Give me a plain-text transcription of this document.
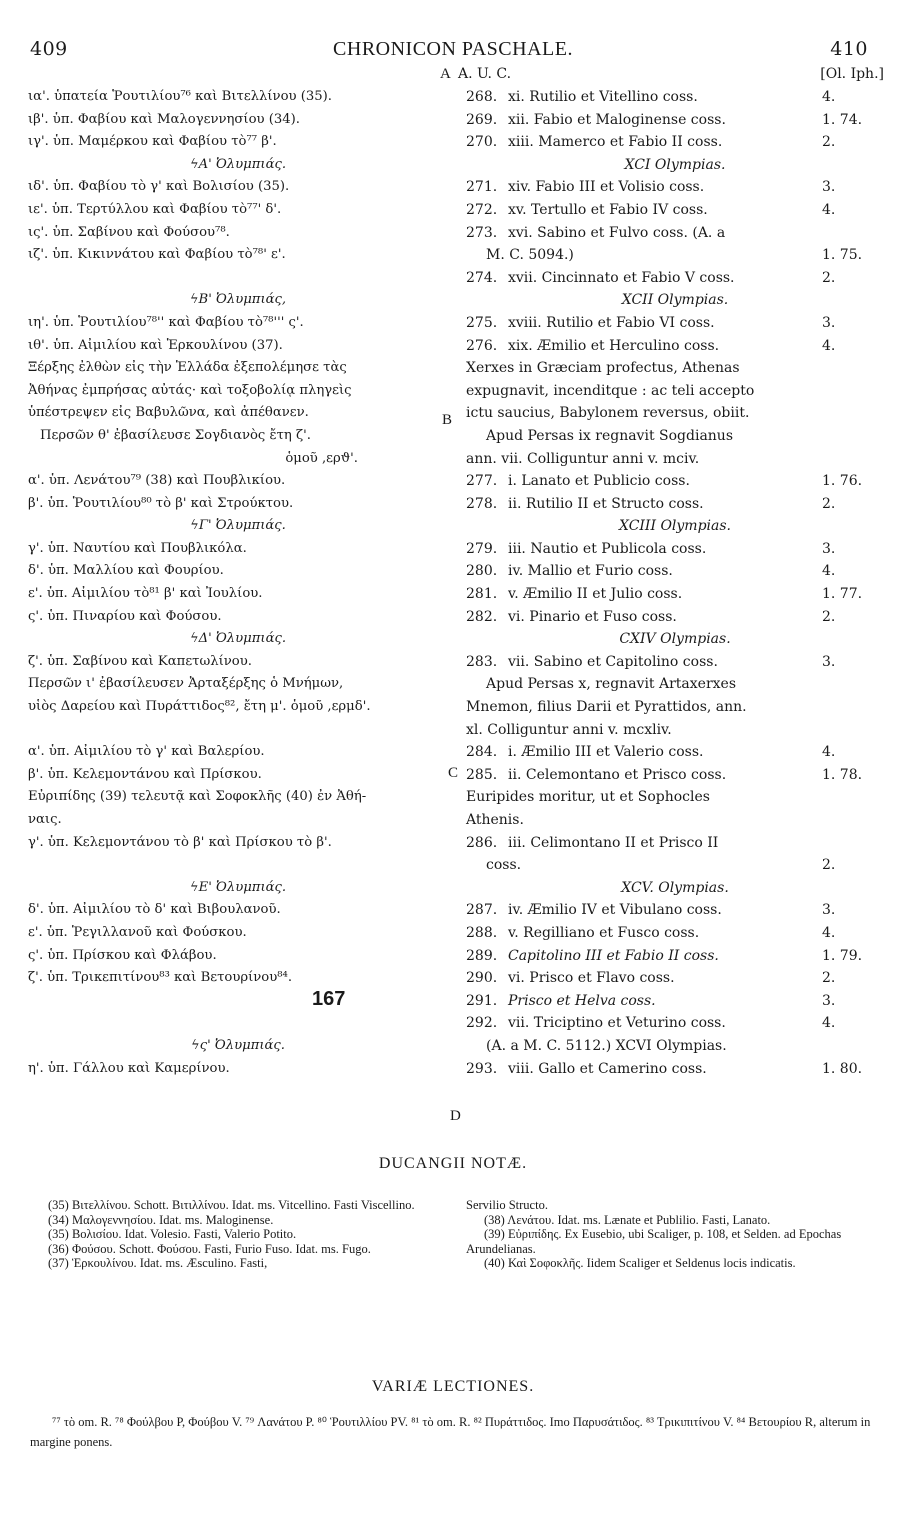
409	CHRONICON PASCHALE.	410
A
B
C
D
167
ια'. ὑπατεία Ῥουτιλίου⁷⁶ καὶ Βιτελλίνου (35).
ιβ'. ὑπ. Φαβίου καὶ Μαλογεννησίου (34).
ιγ'. ὑπ. Μαμέρκου καὶ Φαβίου τὸ⁷⁷ β'.
ϟΑ' Ὀλυμπιάς.
ιδ'. ὑπ. Φαβίου τὸ γ' καὶ Βολισίου (35).
ιε'. ὑπ. Τερτύλλου καὶ Φαβίου τὸ⁷⁷' δ'.
ις'. ὑπ. Σαβίνου καὶ Φούσου⁷⁸.
ιζ'. ὑπ. Κικιννάτου καὶ Φαβίου τὸ⁷⁸' ε'.
ϟΒ' Ὀλυμπιάς,
ιη'. ὑπ. Ῥουτιλίου⁷⁸'' καὶ Φαβίου τὸ⁷⁸''' ς'.
ιθ'. ὑπ. Αἰμιλίου καὶ Ἑρκουλίνου (37).
Ξέρξης ἐλθὼν εἰς τὴν Ἑλλάδα ἐξεπολέμησε τὰς
Ἀθήνας ἐμπρήσας αὐτάς· καὶ τοξοβολίᾳ πληγεὶς
ὑπέστρεψεν εἰς Βαβυλῶνα, καὶ ἀπέθανεν.
Περσῶν θ' ἐβασίλευσε Σογδιανὸς ἔτη ζ'.
ὁμοῦ ,ερϑ'.
α'. ὑπ. Λενάτου⁷⁹ (38) καὶ Πουβλικίου.
β'. ὑπ. Ῥουτιλίου⁸⁰ τὸ β' καὶ Στρούκτου.
ϟΓ' Ὀλυμπιάς.
γ'. ὑπ. Ναυτίου καὶ Πουβλικόλα.
δ'. ὑπ. Μαλλίου καὶ Φουρίου.
ε'. ὑπ. Αἰμιλίου τὸ⁸¹ β' καὶ Ἰουλίου.
ς'. ὑπ. Πιναρίου καὶ Φούσου.
ϟΔ' Ὀλυμπιάς.
ζ'. ὑπ. Σαβίνου καὶ Καπετωλίνου.
Περσῶν ι' ἐβασίλευσεν Ἀρταξέρξης ὁ Μνήμων,
υἱὸς Δαρείου καὶ Πυράττιδος⁸², ἔτη μ'. ὁμοῦ ,ερμδ'.
α'. ὑπ. Αἰμιλίου τὸ γ' καὶ Βαλερίου.
β'. ὑπ. Κελεμοντάνου καὶ Πρίσκου.
Εὐριπίδης (39) τελευτᾷ καὶ Σοφοκλῆς (40) ἐν Ἀθή-
ναις.
γ'. ὑπ. Κελεμοντάνου τὸ β' καὶ Πρίσκου τὸ β'.
ϟΕ' Ὀλυμπιάς.
δ'. ὑπ. Αἰμιλίου τὸ δ' καὶ Βιβουλανοῦ.
ε'. ὑπ. Ῥεγιλλανοῦ καὶ Φούσκου.
ς'. ὑπ. Πρίσκου καὶ Φλάβου.
ζ'. ὑπ. Τρικεπιτίνου⁸³ καὶ Βετουρίνου⁸⁴.
ϟς' Ὀλυμπιάς.
η'. ὑπ. Γάλλου καὶ Καμερίνου.
A. U. C.	[Ol. Iph.]
268. xi. Rutilio et Vitellino coss.	4.
269. xii. Fabio et Maloginense coss.	1. 74.
270. xiii. Mamerco et Fabio II coss.	2.
XCI Olympias.
271. xiv. Fabio III et Volisio coss.	3.
272. xv. Tertullo et Fabio IV coss.	4.
273. xvi. Sabino et Fulvo coss. (A. a
M. C. 5094.)	1. 75.
274. xvii. Cincinnato et Fabio V coss.	2.
XCII Olympias.
275. xviii. Rutilio et Fabio VI coss.	3.
276. xix. Æmilio et Herculino coss.	4.
Xerxes in Græciam profectus, Athenas
expugnavit, incenditque : ac teli accepto
ictu saucius, Babylonem reversus, obiit.
Apud Persas ix regnavit Sogdianus
ann. vii. Colliguntur anni v. mciv.
277. i. Lanato et Publicio coss.	1. 76.
278. ii. Rutilio II et Structo coss.	2.
XCIII Olympias.
279. iii. Nautio et Publicola coss.	3.
280. iv. Mallio et Furio coss.	4.
281. v. Æmilio II et Julio coss.	1. 77.
282. vi. Pinario et Fuso coss.	2.
CXIV Olympias.
283. vii. Sabino et Capitolino coss.	3.
Apud Persas x, regnavit Artaxerxes
Mnemon, filius Darii et Pyrattidos, ann.
xl. Colliguntur anni v. mcxliv.
284. i. Æmilio III et Valerio coss.	4.
285. ii. Celemontano et Prisco coss.	1. 78.
Euripides moritur, ut et Sophocles
Athenis.
286. iii. Celimontano II et Prisco II
coss.	2.
XCV. Olympias.
287. iv. Æmilio IV et Vibulano coss.	3.
288. v. Regilliano et Fusco coss.	4.
289. Capitolino III et Fabio II coss.	1. 79.
290. vi. Prisco et Flavo coss.	2.
291. Prisco et Helva coss.	3.
292. vii. Triciptino et Veturino coss.	4.
(A. a M. C. 5112.) XCVI Olympias.
293. viii. Gallo et Camerino coss.	1. 80.
DUCANGII NOTÆ.

(35) Βιτελλίνου. Schott. Βιτιλλίνου. Idat. ms. Vitcellino. Fasti Viscellino.

(34) Μαλογεννησίου. Idat. ms. Maloginense.

(35) Βολισίου. Idat. Volesio. Fasti, Valerio Potito.

(36) Φούσου. Schott. Φούσου. Fasti, Furio Fuso. Idat. ms. Fugo.

(37) Ἑρκουλίνου. Idat. ms. Æsculino. Fasti,

Servilio Structo.

(38) Λενάτου. Idat. ms. Lænate et Publilio. Fasti, Lanato.

(39) Εὐριπίδης. Ex Eusebio, ubi Scaliger, p. 108, et Selden. ad Epochas Arundelianas.

(40) Καὶ Σοφοκλῆς. Iidem Scaliger et Seldenus locis indicatis.

VARIÆ LECTIONES.
⁷⁷ τὸ om. R. ⁷⁸ Φούλβου P, Φούβου V. ⁷⁹ Λανάτου P. ⁸⁰ Ῥουτιλλίου PV. ⁸¹ τὸ om. R. ⁸² Πυράττιδος. Imo Παρυσάτιδος. ⁸³ Τρικιπιτίνου V. ⁸⁴ Βετουρίου R, alterum in margine ponens.
